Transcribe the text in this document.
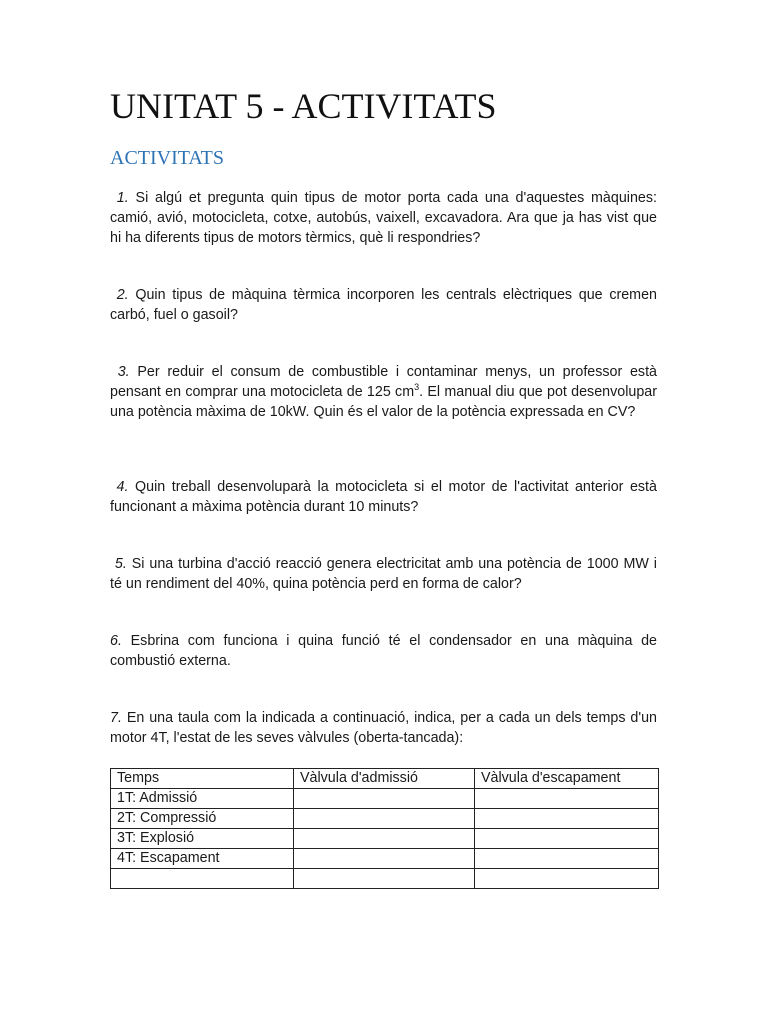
UNITAT 5 - ACTIVITATS
ACTIVITATS

1. Si algú et pregunta quin tipus de motor porta cada una d'aquestes màquines: camió, avió, motocicleta, cotxe, autobús, vaixell, excavadora. Ara que ja has vist que hi ha diferents tipus de motors tèrmics, què li respondries?

2. Quin tipus de màquina tèrmica incorporen les centrals elèctriques que cremen carbó, fuel o gasoil?

3. Per reduir el consum de combustible i contaminar menys, un professor està pensant en comprar una motocicleta de 125 $cm^3$. El manual diu que pot desenvolupar una potència màxima de 10kW. Quin és el valor de la potència expressada en CV?

4. Quin treball desenvoluparà la motocicleta si el motor de l'activitat anterior està funcionant a màxima potència durant 10 minuts?

5. Si una turbina d'acció reacció genera electricitat amb una potència de 1000 MW i té un rendiment del 40%, quina potència perd en forma de calor?

6. Esbrina com funciona i quina funció té el condensador en una màquina de combustió externa.

7. En una taula com la indicada a continuació, indica, per a cada un dels temps d'un motor 4T, l'estat de les seves vàlvules (oberta-tancada):

Temps	Vàlvula d'admissió	Vàlvula d'escapament
1T: Admissió		
2T: Compressió		
3T: Explosió		
4T: Escapament		
